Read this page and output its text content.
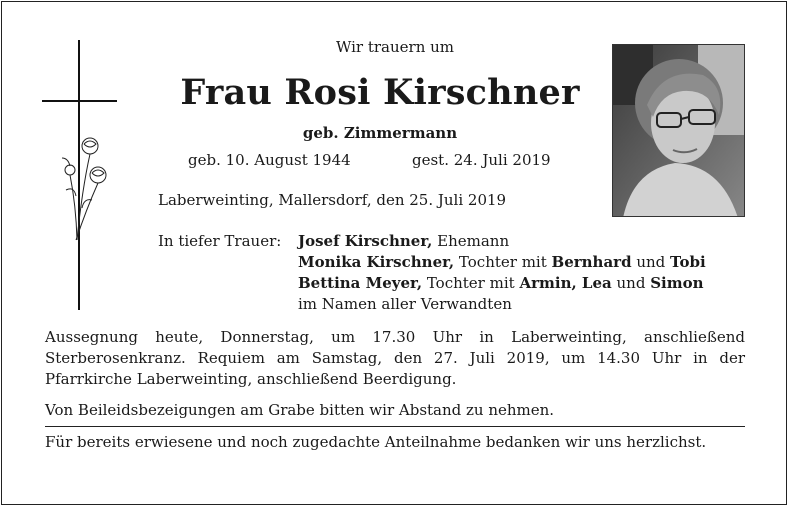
Wir trauern um
Frau Rosi Kirschner
geb. Zimmermann
geb. 10. August 1944	gest. 24. Juli 2019
Laberweinting, Mallersdorf, den 25. Juli 2019
In tiefer Trauer: Josef Kirschner, Ehemann
Monika Kirschner, Tochter mit Bernhard und Tobi
Bettina Meyer, Tochter mit Armin, Lea und Simon
im Namen aller Verwandten
Aussegnung heute, Donnerstag, um 17.30 Uhr in Laberweinting, anschließend Sterberosenkranz. Requiem am Samstag, den 27. Juli 2019, um 14.30 Uhr in der Pfarrkirche Laberweinting, anschließend Beerdigung.
Von Beileidsbezeigungen am Grabe bitten wir Abstand zu nehmen.
Für bereits erwiesene und noch zugedachte Anteilnahme bedanken wir uns herzlichst.
